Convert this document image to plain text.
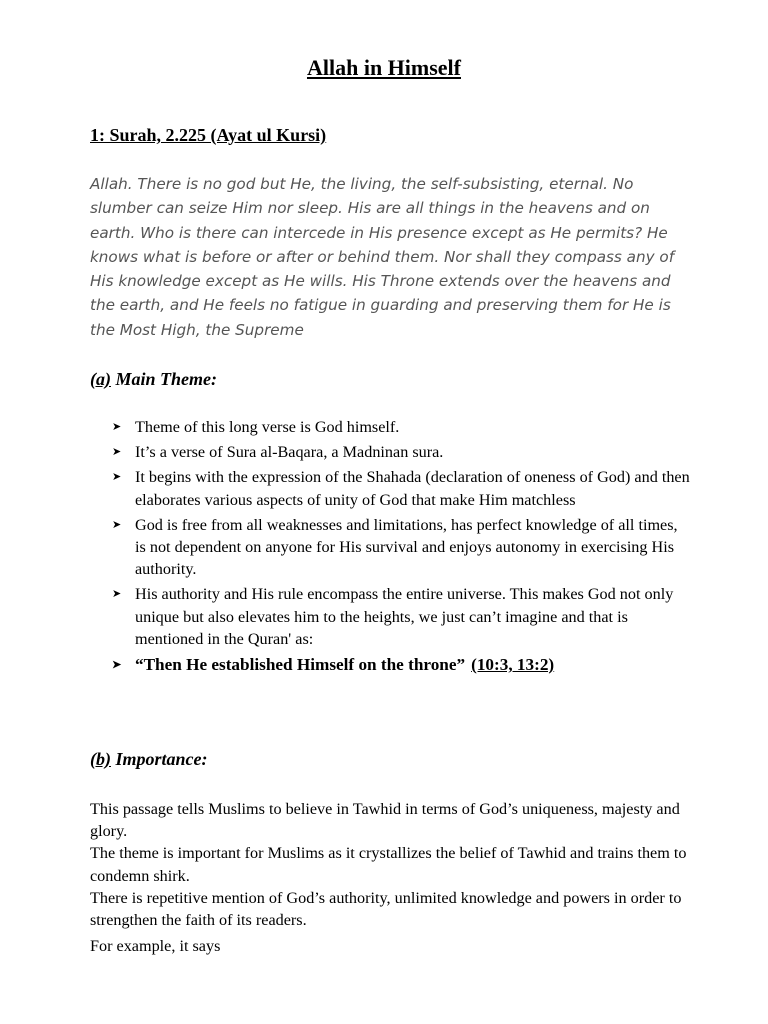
Allah in Himself
1: Surah, 2.225 (Ayat ul Kursi)
Allah. There is no god but He, the living, the self-subsisting, eternal. No
slumber can seize Him nor sleep. His are all things in the heavens and on
earth. Who is there can intercede in His presence except as He permits? He
knows what is before or after or behind them. Nor shall they compass any of
His knowledge except as He wills. His Throne extends over the heavens and
the earth, and He feels no fatigue in guarding and preserving them for He is
the Most High, the Supreme
(a) Main Theme:
➤ Theme of this long verse is God himself.
➤ It’s a verse of Sura al-Baqara, a Madninan sura.
➤ It begins with the expression of the Shahada (declaration of oneness of God) and then elaborates various aspects of unity of God that make Him matchless
➤ God is free from all weaknesses and limitations, has perfect knowledge of all times, is not dependent on anyone for His survival and enjoys autonomy in exercising His authority.
➤ His authority and His rule encompass the entire universe. This makes God not only unique but also elevates him to the heights, we just can’t imagine and that is mentioned in the Quran' as:
➤ “Then He established Himself on the throne” (10:3, 13:2)
(b) Importance:

This passage tells Muslims to believe in Tawhid in terms of God’s uniqueness, majesty and glory.

The theme is important for Muslims as it crystallizes the belief of Tawhid and trains them to condemn shirk.

There is repetitive mention of God’s authority, unlimited knowledge and powers in order to strengthen the faith of its readers.

For example, it says
